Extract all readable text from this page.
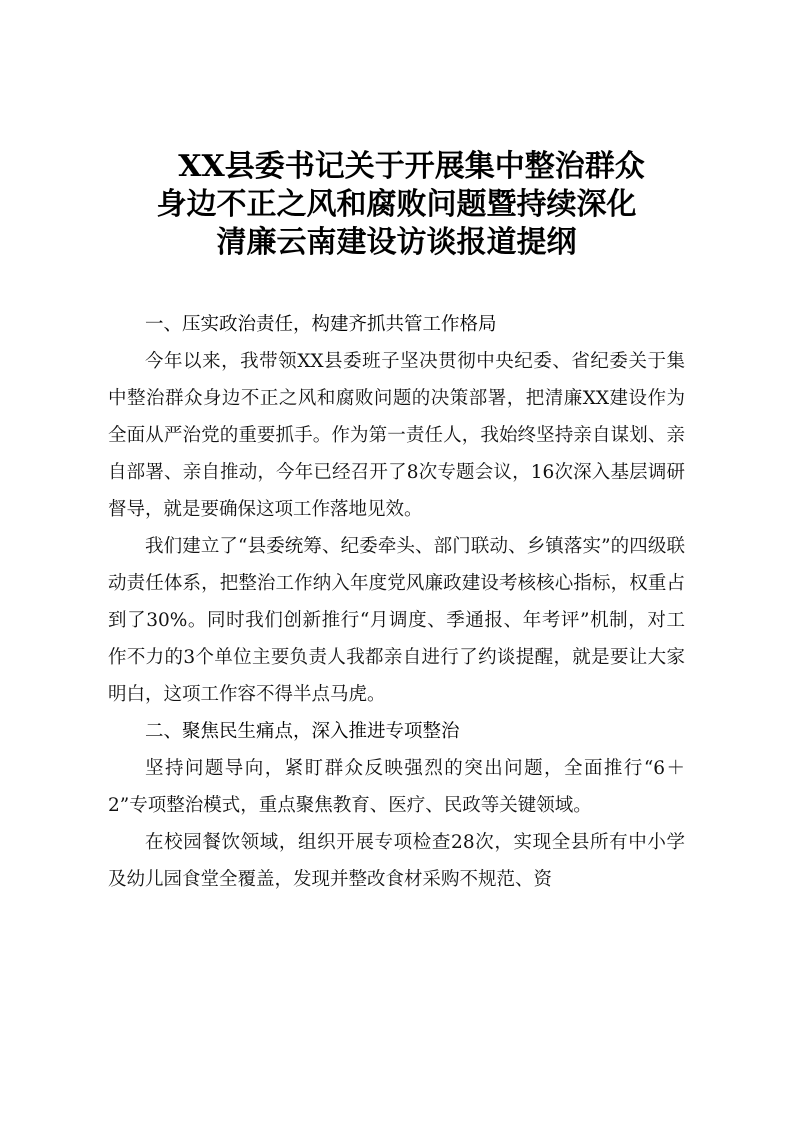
XX县委书记关于开展集中整治群众
身边不正之风和腐败问题暨持续深化
清廉云南建设访谈报道提纲

一、压实政治责任，构建齐抓共管工作格局

今年以来，我带领XX县委班子坚决贯彻中央纪委、省纪委关于集中整治群众身边不正之风和腐败问题的决策部署，把清廉XX建设作为全面从严治党的重要抓手。作为第一责任人，我始终坚持亲自谋划、亲自部署、亲自推动，今年已经召开了8次专题会议，16次深入基层调研督导，就是要确保这项工作落地见效。

我们建立了“县委统筹、纪委牵头、部门联动、乡镇落实”的四级联动责任体系，把整治工作纳入年度党风廉政建设考核核心指标，权重占到了30%。同时我们创新推行“月调度、季通报、年考评”机制，对工作不力的3个单位主要负责人我都亲自进行了约谈提醒，就是要让大家明白，这项工作容不得半点马虎。

二、聚焦民生痛点，深入推进专项整治

坚持问题导向，紧盯群众反映强烈的突出问题，全面推行“6＋2”专项整治模式，重点聚焦教育、医疗、民政等关键领域。

在校园餐饮领域，组织开展专项检查28次，实现全县所有中小学及幼儿园食堂全覆盖，发现并整改食材采购不规范、资
